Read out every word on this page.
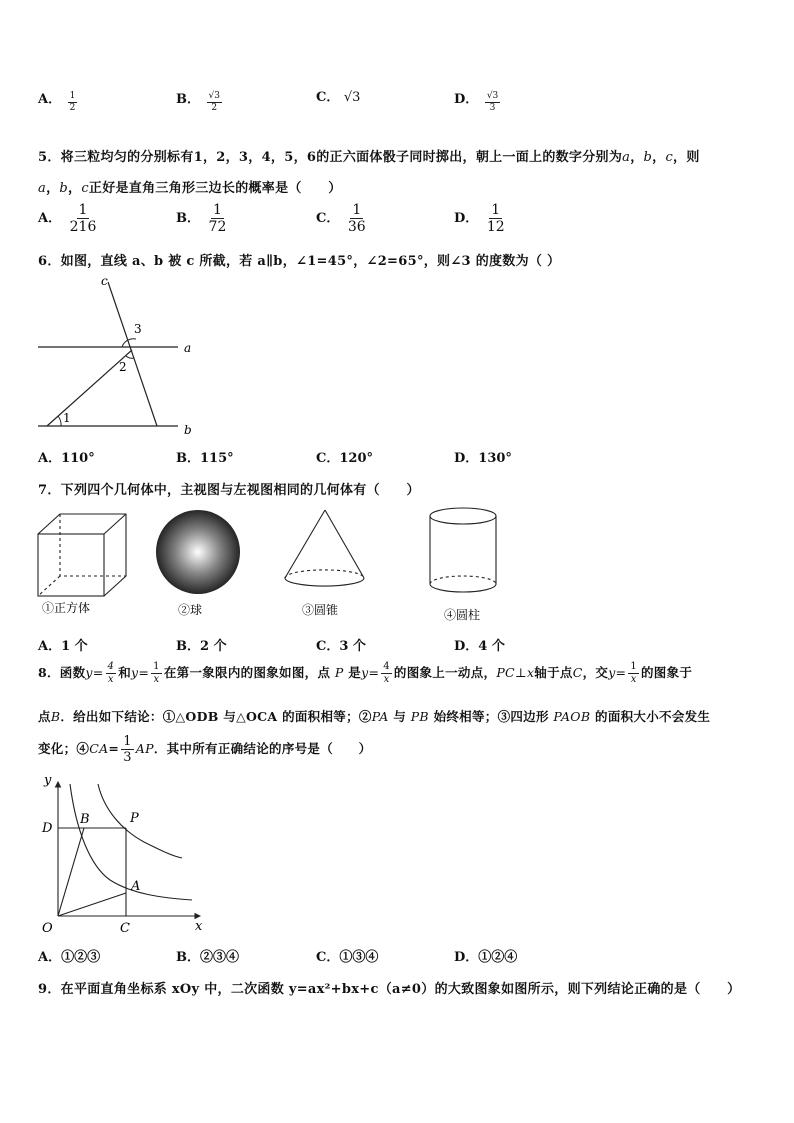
A． $\frac{1}{2}$	B． $\frac{√3}{2}$	C． √3	D． $\frac{√3}{3}$
5．将三粒均匀的分别标有1，2，3，4，5，6的正六面体骰子同时掷出，朝上一面上的数字分别为a，b，c，则
a，b，c正好是直角三角形三边长的概率是（　　）
A． $\frac{1}{216}$	B． $\frac{1}{72}$	C． $\frac{1}{36}$	D． $\frac{1}{12}$
6．如图，直线 a、b 被 c 所截，若 a∥b，∠1=45°，∠2=65°，则∠3 的度数为（ ）
c
a
b
3
2
1
A．110°	B．115°	C．120°	D．130°
7．下列四个几何体中，主视图与左视图相同的几何体有（　　）
①正方体	②球	③圆锥	④圆柱
A．1 个	B．2 个	C．3 个	D．4 个
8．函数$y= \frac{4}{x}$ 和$y= \frac{1}{x}$ 在第一象限内的图象如图，点 P 是$y= \frac{4}{x}$ 的图象上一动点，PC⊥x轴于点C，交$y= \frac{1}{x}$ 的图象于
点B．给出如下结论：①△ODB 与△OCA 的面积相等；②PA 与 PB 始终相等；③四边形 PAOB 的面积大小不会发生
变化；④CA= $\frac{1}{3}$ AP．其中所有正确结论的序号是（　　）
y
x
O
D
B	P
A
C
A．①②③	B．②③④	C．①③④	D．①②④
9．在平面直角坐标系 xOy 中，二次函数 y=ax²+bx+c（a≠0）的大致图象如图所示，则下列结论正确的是（　　）
